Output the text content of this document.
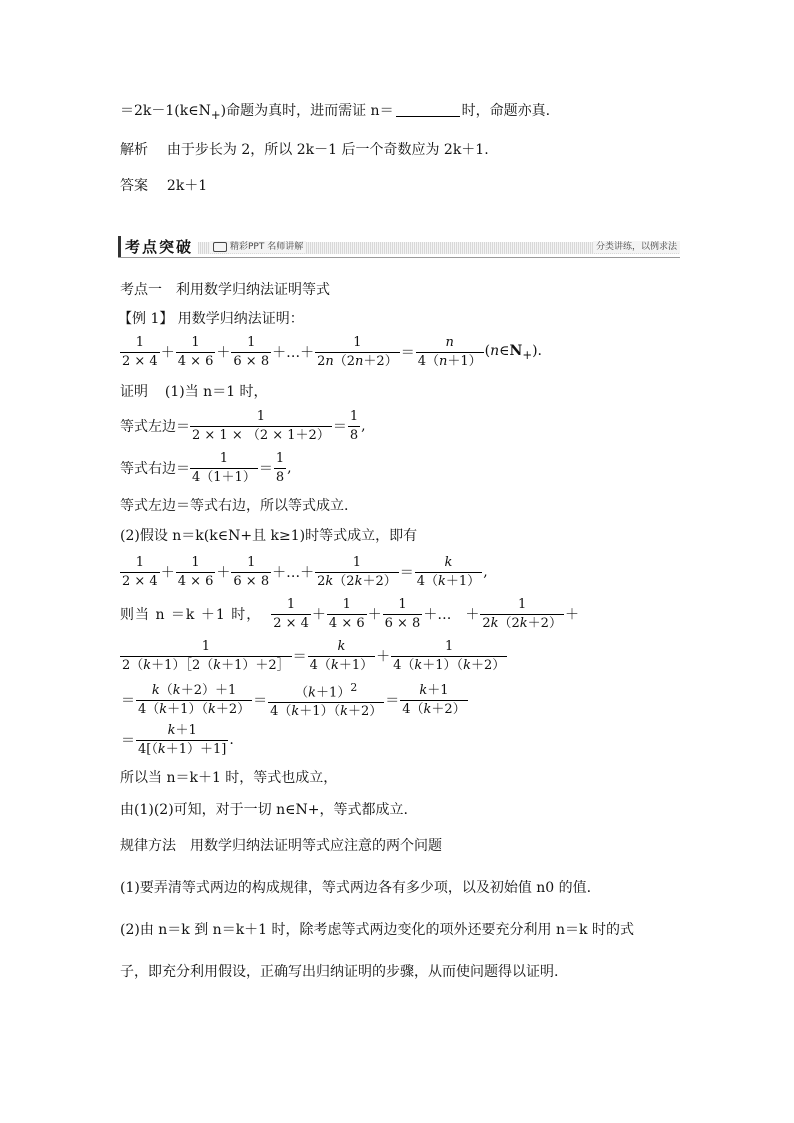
$=2k-1(k\in N_+)$命题为真时，进而需证 n＝	时，命题亦真.
解析 由于步长为 2，所以 2k－1 后一个奇数应为 2k＋1.
答案 2k＋1
考点突破	精彩PPT 名师讲解	分类讲练，以例求法
考点一　利用数学归纳法证明等式
【例 1】 用数学归纳法证明：
$\frac{1}{2 \times 4} + \frac{1}{4 \times 6} + \frac{1}{6 \times 8}$ ＋…＋ $\frac{1}{2n(2n+2)} = \frac{n}{4(n+1)}$ $(n\in N_+)$.
证明 (1)当 n＝1 时，
等式左边＝ $\frac{1}{2 \times 1 \times (2 \times 1+2)} = \frac{1}{8}$ ,
等式右边＝ $\frac{1}{4(1+1)} = \frac{1}{8}$ ,
等式左边＝等式右边，所以等式成立.
(2)假设 n＝k(k∈N+且 k≥1)时等式成立，即有
$\frac{1}{2 \times 4} + \frac{1}{4 \times 6} + \frac{1}{6 \times 8}$ ＋…＋ $\frac{1}{2k(2k+2)} = \frac{k}{4(k+1)}$ ,
则当 n ＝k ＋1 时， $\frac{1}{2 \times 4} + \frac{1}{4 \times 6} + \frac{1}{6 \times 8}$ ＋…　＋ $\frac{1}{2k(2k+2)}$ ＋
$\frac{1}{2(k+1)[2(k+1)+2]} = \frac{k}{4(k+1)} + \frac{1}{4(k+1)(k+2)}$
＝ $\frac{k(k+2)+1}{4(k+1)(k+2)} = \frac{(k+1)^2}{4(k+1)(k+2)} = \frac{k+1}{4(k+2)}$
＝ $\frac{k+1}{4[(k+1)+1]}$ .
所以当 n＝k＋1 时，等式也成立，
由(1)(2)可知，对于一切 n∈N+，等式都成立.
规律方法　用数学归纳法证明等式应注意的两个问题
(1)要弄清等式两边的构成规律，等式两边各有多少项，以及初始值 n0 的值.
(2)由 n＝k 到 n＝k＋1 时，除考虑等式两边变化的项外还要充分利用 n＝k 时的式
子，即充分利用假设，正确写出归纳证明的步骤，从而使问题得以证明.
